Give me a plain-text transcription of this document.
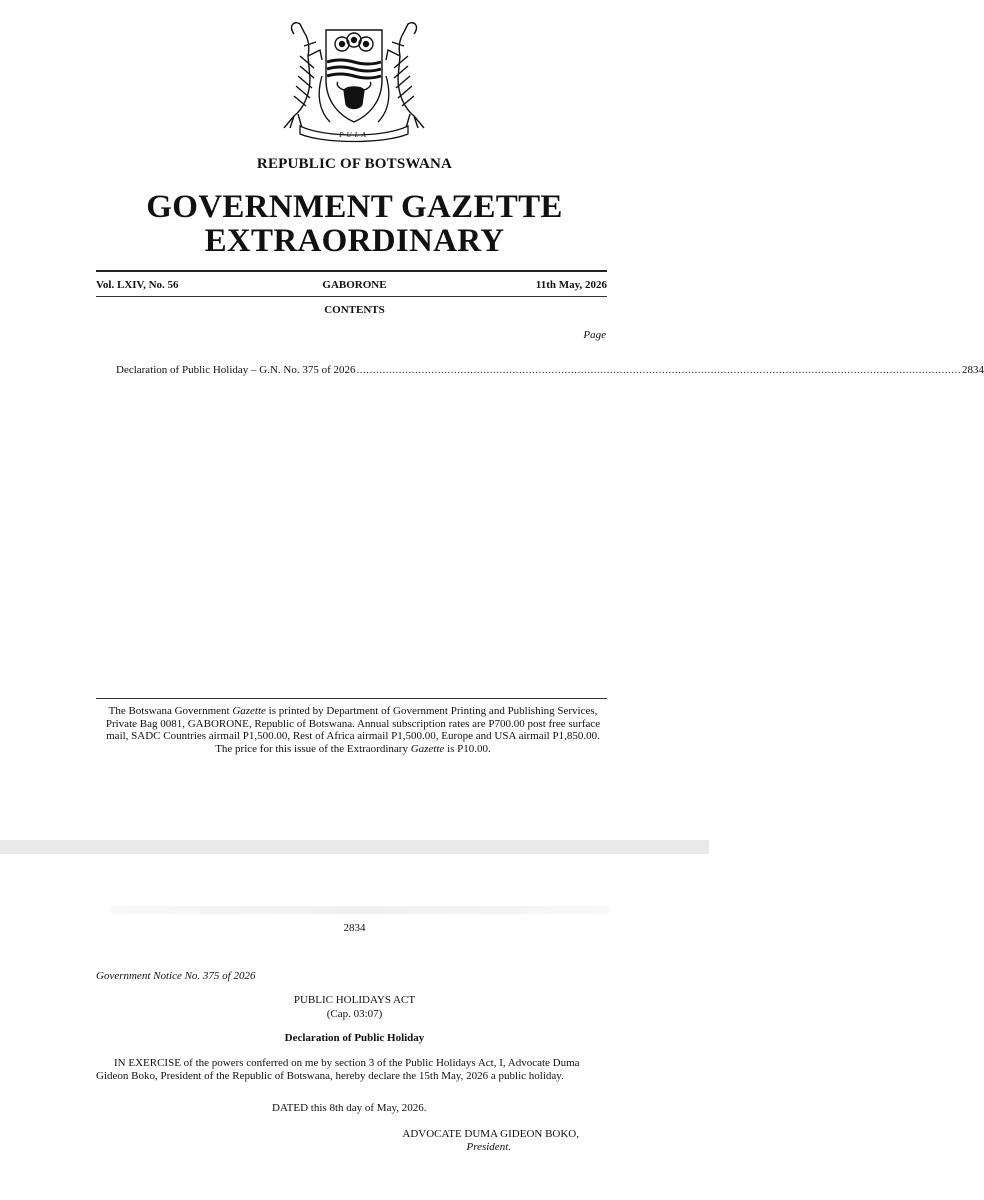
PULA
REPUBLIC OF BOTSWANA
GOVERNMENT GAZETTE
EXTRAORDINARY
Vol. LXIV, No. 56	GABORONE	11th May, 2026
CONTENTS
Page
Declaration of Public Holiday – G.N. No. 375 of 2026 .......................................................................................................................................................................................... 2834
The Botswana Government Gazette is printed by Department of Government Printing and Publishing Services, Private Bag 0081, GABORONE, Republic of Botswana. Annual subscription rates are P700.00 post free surface mail, SADC Countries airmail P1,500.00, Rest of Africa airmail P1,500.00, Europe and USA airmail P1,850.00. The price for this issue of the Extraordinary Gazette is P10.00.
2834
Government Notice No. 375 of 2026
PUBLIC HOLIDAYS ACT
(Cap. 03:07)
Declaration of Public Holiday
IN EXERCISE of the powers conferred on me by section 3 of the Public Holidays Act, I, Advocate Duma Gideon Boko, President of the Republic of Botswana, hereby declare the 15th May, 2026 a public holiday.
DATED this 8th day of May, 2026.
ADVOCATE DUMA GIDEON BOKO,
President.
